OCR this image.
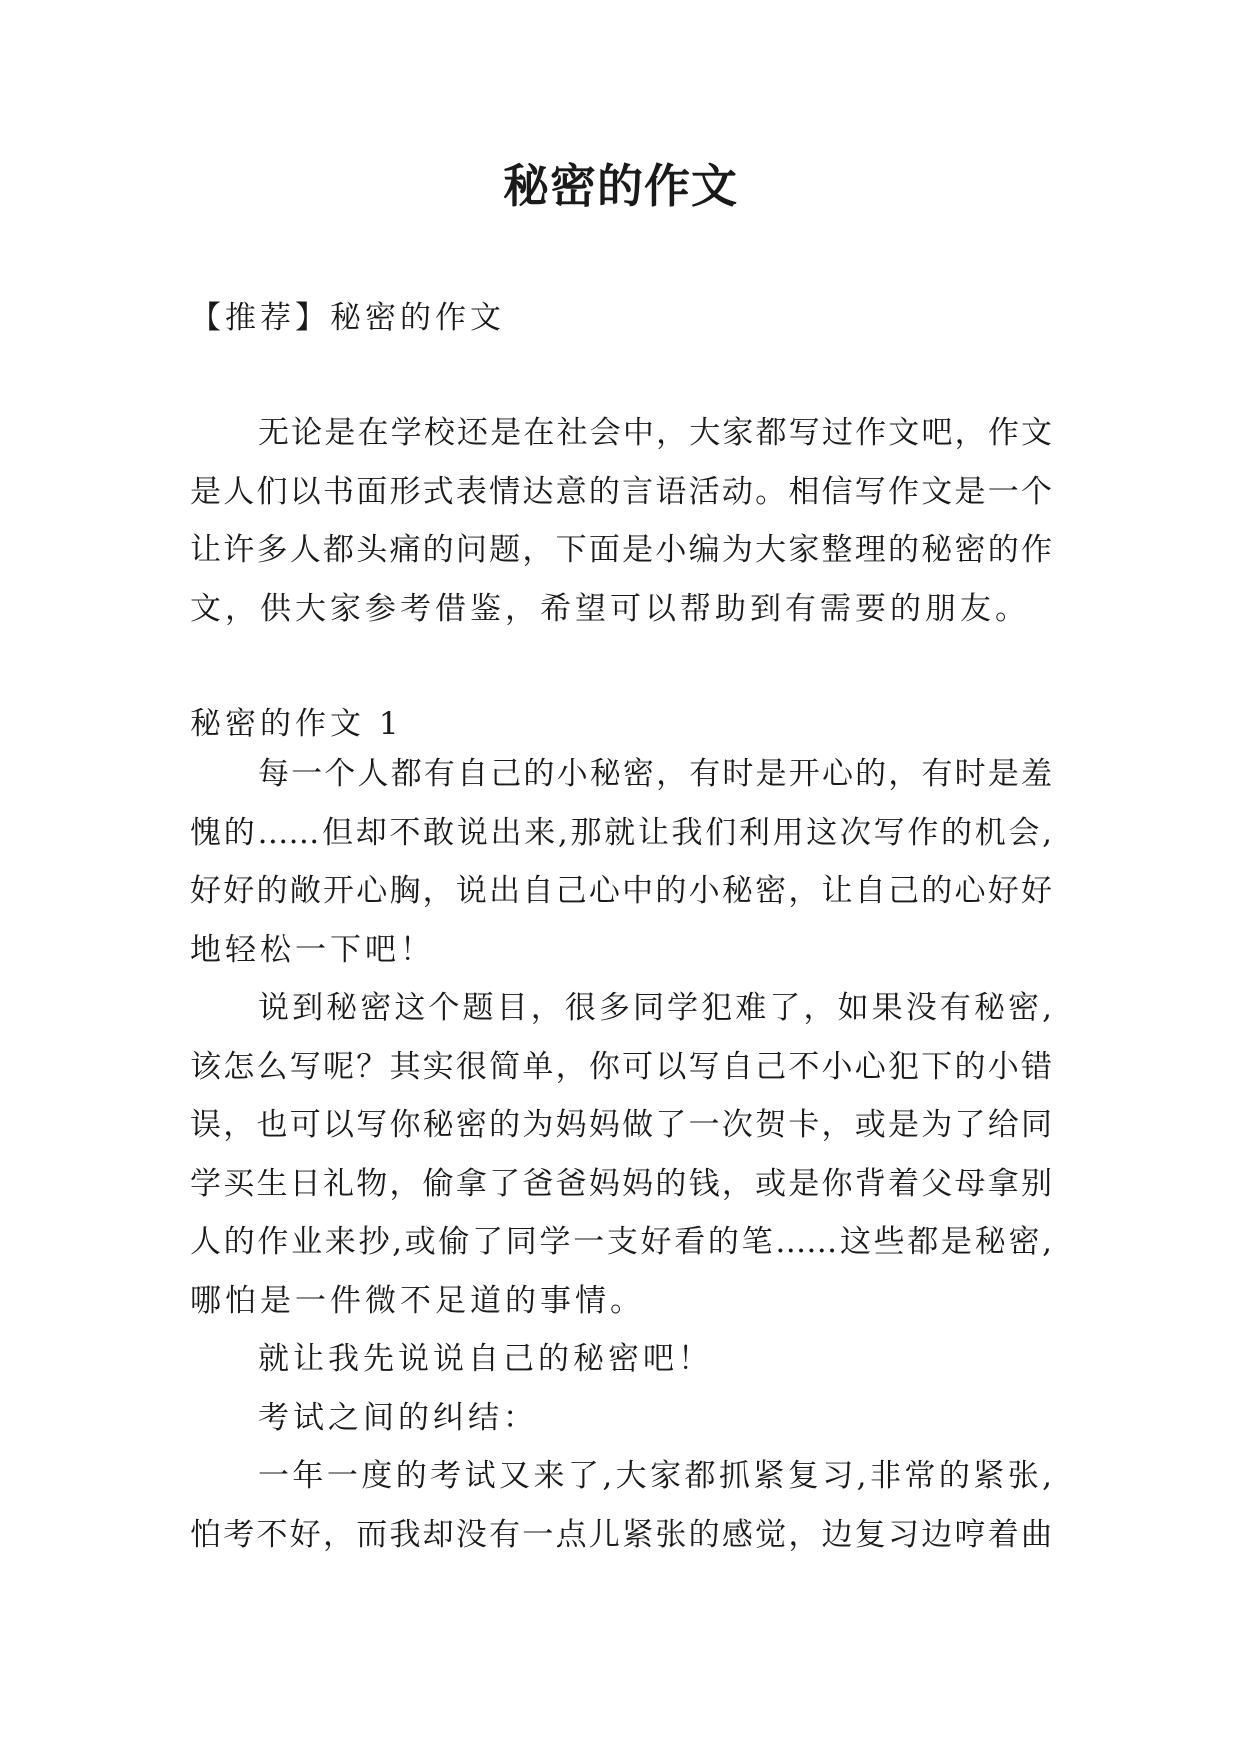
秘密的作文

【推荐】秘密的作文

无论是在学校还是在社会中，大家都写过作文吧，作文
是人们以书面形式表情达意的言语活动。相信写作文是一个
让许多人都头痛的问题，下面是小编为大家整理的秘密的作
文，供大家参考借鉴，希望可以帮助到有需要的朋友。

秘密的作文 1

每一个人都有自己的小秘密，有时是开心的，有时是羞
愧的……但却不敢说出来,那就让我们利用这次写作的机会,
好好的敞开心胸，说出自己心中的小秘密，让自己的心好好
地轻松一下吧！
说到秘密这个题目，很多同学犯难了，如果没有秘密,
该怎么写呢？其实很简单，你可以写自己不小心犯下的小错
误，也可以写你秘密的为妈妈做了一次贺卡，或是为了给同
学买生日礼物，偷拿了爸爸妈妈的钱，或是你背着父母拿别
人的作业来抄,或偷了同学一支好看的笔……这些都是秘密,
哪怕是一件微不足道的事情。
就让我先说说自己的秘密吧！
考试之间的纠结：
一年一度的考试又来了,大家都抓紧复习,非常的紧张,
怕考不好，而我却没有一点儿紧张的感觉，边复习边哼着曲
